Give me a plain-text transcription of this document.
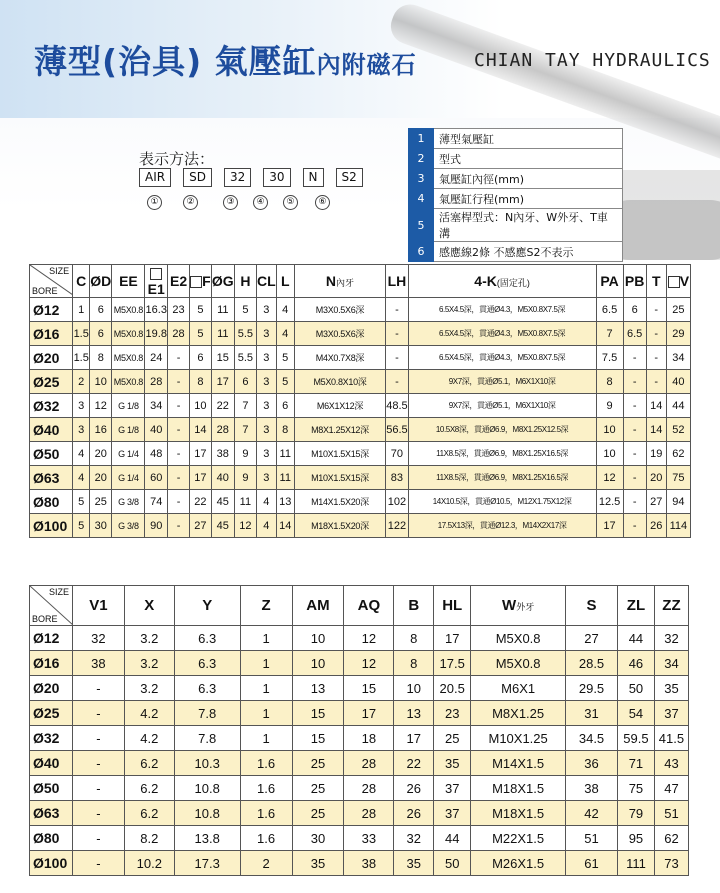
薄型(治具) 氣壓缸內附磁石	CHIAN TAY HYDRAULICS
表示方法：
AIR	SD	32	30	N	S2
①	②	③	④	⑤	⑥
1	薄型氣壓缸
2	型式
3	氣壓缸內徑(mm)
4	氣壓缸行程(mm)
5	活塞桿型式：N內牙、W外牙、T車溝
6	感應線2條 不感應S2不表示
SIZE
BORE	C	ØD	EE	E1	E2	F	ØG	H	CL	L	N內牙	LH	4-K(固定孔)	PA	PB	T	V
Ø12	1	6	M5X0.8	16.3	23	5	11	5	3	4	M3X0.5X6深	-	6.5X4.5深，貫通Ø4.3，M5X0.8X7.5深	6.5	6	-	25
Ø16	1.5	6	M5X0.8	19.8	28	5	11	5.5	3	4	M3X0.5X6深	-	6.5X4.5深，貫通Ø4.3，M5X0.8X7.5深	7	6.5	-	29
Ø20	1.5	8	M5X0.8	24	-	6	15	5.5	3	5	M4X0.7X8深	-	6.5X4.5深，貫通Ø4.3，M5X0.8X7.5深	7.5	-	-	34
Ø25	2	10	M5X0.8	28	-	8	17	6	3	5	M5X0.8X10深	-	9X7深，貫通Ø5.1，M6X1X10深	8	-	-	40
Ø32	3	12	G 1/8	34	-	10	22	7	3	6	M6X1X12深	48.5	9X7深，貫通Ø5.1，M6X1X10深	9	-	14	44
Ø40	3	16	G 1/8	40	-	14	28	7	3	8	M8X1.25X12深	56.5	10.5X8深，貫通Ø6.9，M8X1.25X12.5深	10	-	14	52
Ø50	4	20	G 1/4	48	-	17	38	9	3	11	M10X1.5X15深	70	11X8.5深，貫通Ø6.9，M8X1.25X16.5深	10	-	19	62
Ø63	4	20	G 1/4	60	-	17	40	9	3	11	M10X1.5X15深	83	11X8.5深，貫通Ø6.9，M8X1.25X16.5深	12	-	20	75
Ø80	5	25	G 3/8	74	-	22	45	11	4	13	M14X1.5X20深	102	14X10.5深，貫通Ø10.5，M12X1.75X12深	12.5	-	27	94
Ø100	5	30	G 3/8	90	-	27	45	12	4	14	M18X1.5X20深	122	17.5X13深，貫通Ø12.3，M14X2X17深	17	-	26	114
SIZE
BORE	V1	X	Y	Z	AM	AQ	B	HL	W外牙	S	ZL	ZZ
Ø12	32	3.2	6.3	1	10	12	8	17	M5X0.8	27	44	32
Ø16	38	3.2	6.3	1	10	12	8	17.5	M5X0.8	28.5	46	34
Ø20	-	3.2	6.3	1	13	15	10	20.5	M6X1	29.5	50	35
Ø25	-	4.2	7.8	1	15	17	13	23	M8X1.25	31	54	37
Ø32	-	4.2	7.8	1	15	18	17	25	M10X1.25	34.5	59.5	41.5
Ø40	-	6.2	10.3	1.6	25	28	22	35	M14X1.5	36	71	43
Ø50	-	6.2	10.8	1.6	25	28	26	37	M18X1.5	38	75	47
Ø63	-	6.2	10.8	1.6	25	28	26	37	M18X1.5	42	79	51
Ø80	-	8.2	13.8	1.6	30	33	32	44	M22X1.5	51	95	62
Ø100	-	10.2	17.3	2	35	38	35	50	M26X1.5	61	111	73
